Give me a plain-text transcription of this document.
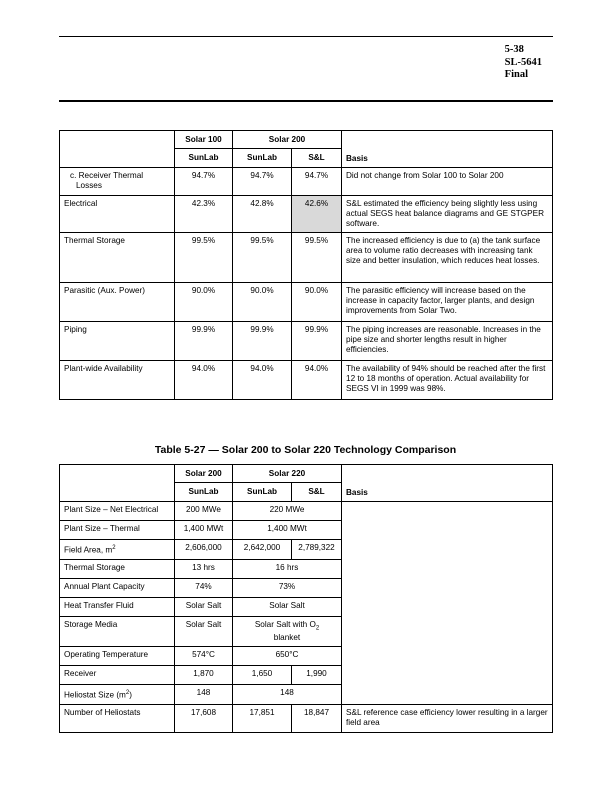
5-38
SL-5641
Final
	Solar 100	Solar 200		
	SunLab	SunLab	S&L	Basis
c. Receiver Thermal Losses	94.7%	94.7%	94.7%	Did not change from Solar 100 to Solar 200
Electrical	42.3%	42.8%	42.6%	S&L estimated the efficiency being slightly less using actual SEGS heat balance diagrams and GE STGPER software.
Thermal Storage	99.5%	99.5%	99.5%	The increased efficiency is due to (a) the tank surface area to volume ratio decreases with increasing tank size and better insulation, which reduces heat losses.
Parasitic (Aux. Power)	90.0%	90.0%	90.0%	The parasitic efficiency will increase based on the increase in capacity factor, larger plants, and design improvements from Solar Two.
Piping	99.9%	99.9%	99.9%	The piping increases are reasonable. Increases in the pipe size and shorter lengths result in higher efficiencies.
Plant-wide Availability	94.0%	94.0%	94.0%	The availability of 94% should be reached after the first 12 to 18 months of operation. Actual availability for SEGS VI in 1999 was 98%.
Table 5-27 — Solar 200 to Solar 220 Technology Comparison
	Solar 200	Solar 220		
	SunLab	SunLab	S&L	Basis
Plant Size – Net Electrical	200 MWe	220 MWe		
Plant Size – Thermal	1,400 MWt	1,400 MWt		
Field Area, $m^2$	2,606,000	2,642,000	2,789,322	
Thermal Storage	13 hrs	16 hrs		
Annual Plant Capacity	74%	73%		
Heat Transfer Fluid	Solar Salt	Solar Salt		
Storage Media	Solar Salt	Solar Salt with $O_2$
blanket		
Operating Temperature	574°C	650°C		
Receiver	1,870	1,650	1,990	
Heliostat Size $(m^2)$	148	148		
Number of Heliostats	17,608	17,851	18,847	S&L reference case efficiency lower resulting in a larger field area
